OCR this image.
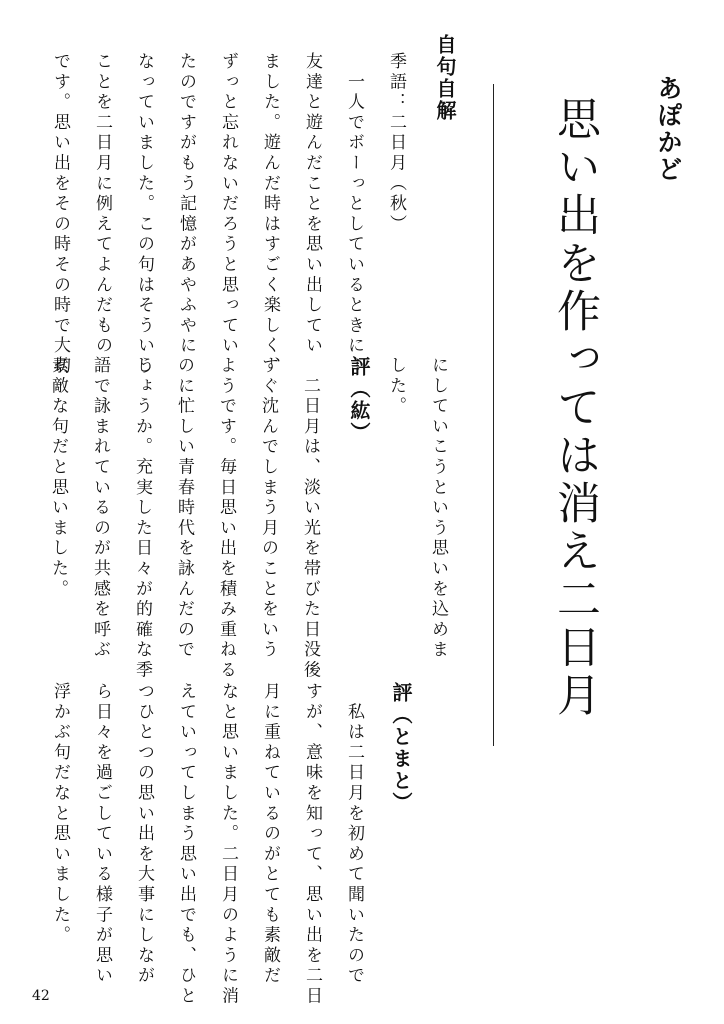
あぽかど
思い出を作っては消え二日月
自句自解
季語：二日月（秋）
　一人でボーっとしているときに
友達と遊んだことを思い出してい
ました。遊んだ時はすごく楽しく、
ずっと忘れないだろうと思ってい
たのですがもう記憶があやふやに
なっていました。この句はそういう
ことを二日月に例えてよんだもの
です。思い出をその時その時で大切
にしていこうという思いを込めま
した。
評（紘）
　二日月は、淡い光を帯びた日没後
すぐ沈んでしまう月のことをいう
ようです。毎日思い出を積み重ねる
のに忙しい青春時代を詠んだので
しょうか。充実した日々が的確な季
語で詠まれているのが共感を呼ぶ
素敵な句だと思いました。
評（とまと）
　私は二日月を初めて聞いたので
すが、意味を知って、思い出を二日
月に重ねているのがとても素敵だ
なと思いました。二日月のように消
えていってしまう思い出でも、ひと
つひとつの思い出を大事にしなが
ら日々を過ごしている様子が思い
浮かぶ句だなと思いました。
42
